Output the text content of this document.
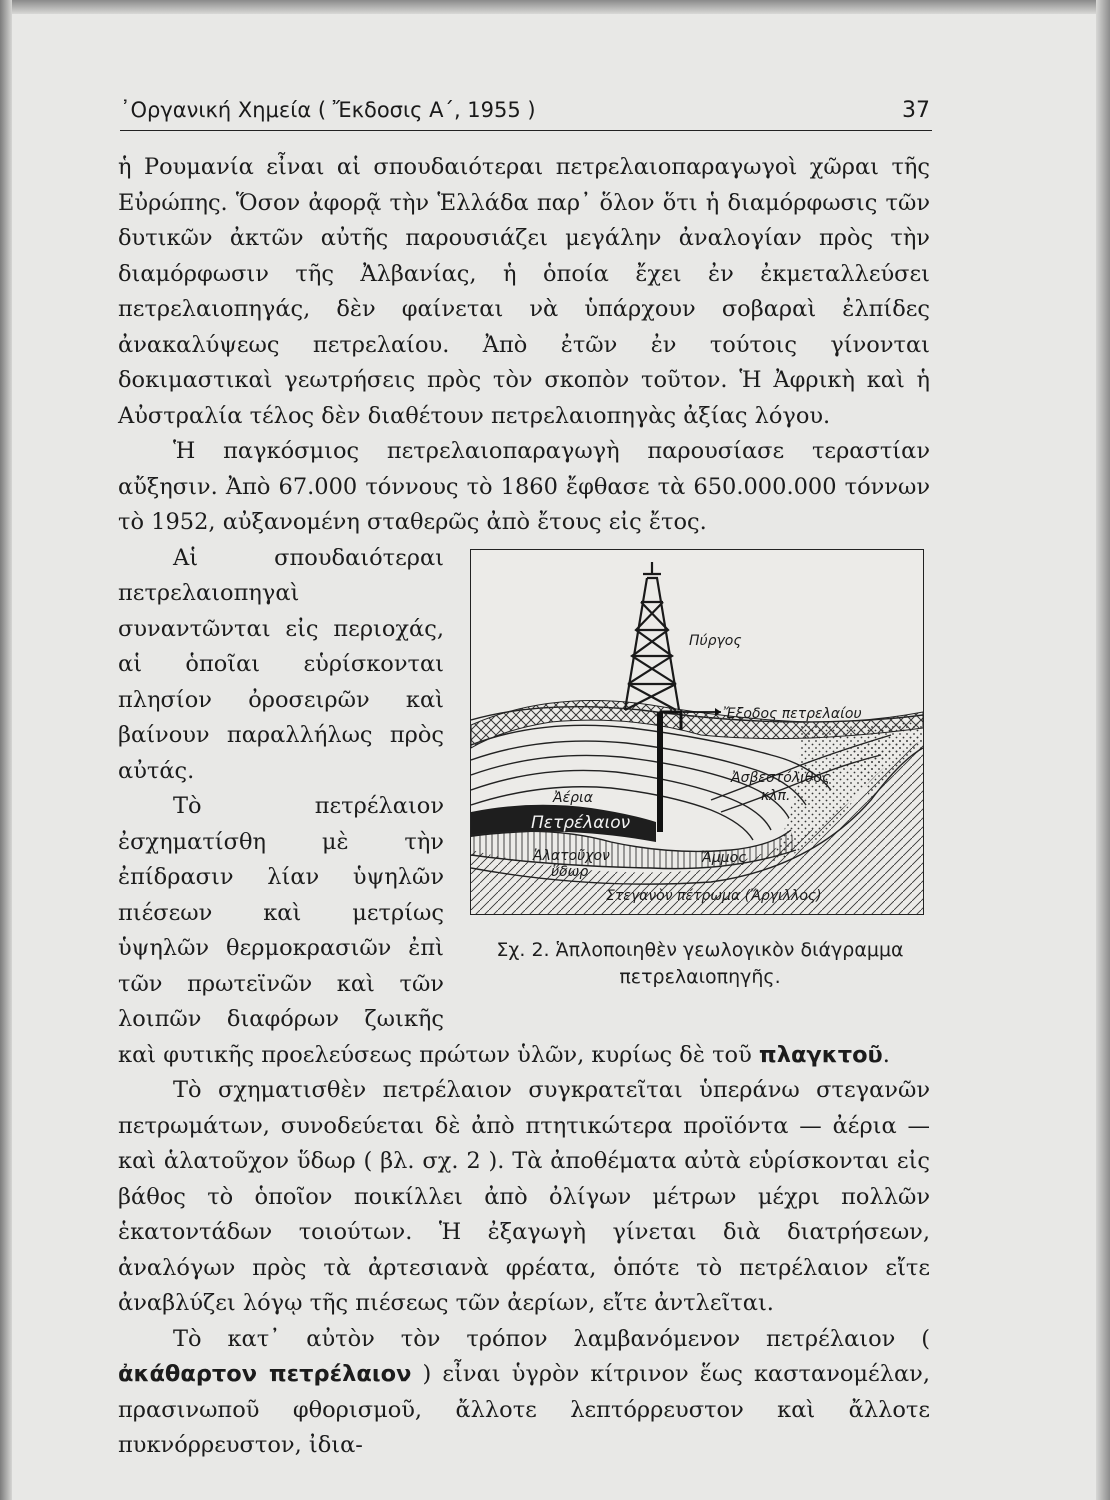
᾿Οργανική Χημεία ( Ἔκδοσις Α΄, 1955 )	37

ἡ Ρουμανία εἶναι αἱ σπουδαιότεραι πετρελαιοπαραγωγοὶ χῶραι τῆς Εὐρώπης. Ὅσον ἀφορᾷ τὴν Ἑλλάδα παρ᾿ ὅλον ὅτι ἡ διαμόρφωσις τῶν δυτικῶν ἀκτῶν αὐτῆς παρουσιάζει μεγάλην ἀναλογίαν πρὸς τὴν διαμόρφωσιν τῆς Ἀλβανίας, ἡ ὁποία ἔχει ἐν ἐκμεταλλεύσει πετρελαιοπηγάς, δὲν φαίνεται νὰ ὑπάρχουν σοβαραὶ ἐλπίδες ἀνακαλύψεως πετρελαίου. Ἀπὸ ἐτῶν ἐν τούτοις γίνονται δοκιμαστικαὶ γεωτρήσεις πρὸς τὸν σκοπὸν τοῦτον. Ἡ Ἀφρικὴ καὶ ἡ Αὐστραλία τέλος δὲν διαθέτουν πετρελαιοπηγὰς ἀξίας λόγου.

Ἡ παγκόσμιος πετρελαιοπαραγωγὴ παρουσίασε τεραστίαν αὔξησιν. Ἀπὸ 67.000 τόννους τὸ 1860 ἔφθασε τὰ 650.000.000 τόννων τὸ 1952, αὐξανομένη σταθερῶς ἀπὸ ἔτους εἰς ἔτος.

Πύργος
Ἔξοδος πετρελαίου
Ἀσβεστόλιθος
κλπ.
Ἀέρια
Πετρέλαιον
Ἁλατοῦχον
ὕδωρ
Ἄμμος
Στεγανὸν πέτρωμα (Ἄργιλλος)
Σχ. 2. Ἁπλοποιηθὲν γεωλογικὸν διάγραμμα
πετρελαιοπηγῆς.

Αἱ σπουδαιότεραι πετρελαιοπηγαὶ συναντῶνται εἰς περιοχάς, αἱ ὁποῖαι εὑρίσκονται πλησίον ὀροσειρῶν καὶ βαίνουν παραλλήλως πρὸς αὐτάς.

Τὸ πετρέλαιον ἐσχηματίσθη μὲ τὴν ἐπίδρασιν λίαν ὑψηλῶν πιέσεων καὶ μετρίως ὑψηλῶν θερμοκρασιῶν ἐπὶ τῶν πρωτεϊνῶν καὶ τῶν λοιπῶν διαφόρων ζωικῆς καὶ φυτικῆς προελεύσεως πρώτων ὑλῶν, κυρίως δὲ τοῦ πλαγκτοῦ.

Τὸ σχηματισθὲν πετρέλαιον συγκρατεῖται ὑπεράνω στεγανῶν πετρωμάτων, συνοδεύεται δὲ ἀπὸ πτητικώτερα προϊόντα — ἀέρια — καὶ ἁλατοῦχον ὕδωρ ( βλ. σχ. 2 ). Τὰ ἀποθέματα αὐτὰ εὑρίσκονται εἰς βάθος τὸ ὁποῖον ποικίλλει ἀπὸ ὀλίγων μέτρων μέχρι πολλῶν ἑκατοντάδων τοιούτων. Ἡ ἐξαγωγὴ γίνεται διὰ διατρήσεων, ἀναλόγων πρὸς τὰ ἀρτεσιανὰ φρέατα, ὁπότε τὸ πετρέλαιον εἴτε ἀναβλύζει λόγῳ τῆς πιέσεως τῶν ἀερίων, εἴτε ἀντλεῖται.

Τὸ κατ᾿ αὐτὸν τὸν τρόπον λαμβανόμενον πετρέλαιον ( ἀκάθαρτον πετρέλαιον ) εἶναι ὑγρὸν κίτρινον ἕως καστανομέλαν, πρασινωποῦ φθορισμοῦ, ἄλλοτε λεπτόρρευστον καὶ ἄλλοτε πυκνόρρευστον, ἰδια-
